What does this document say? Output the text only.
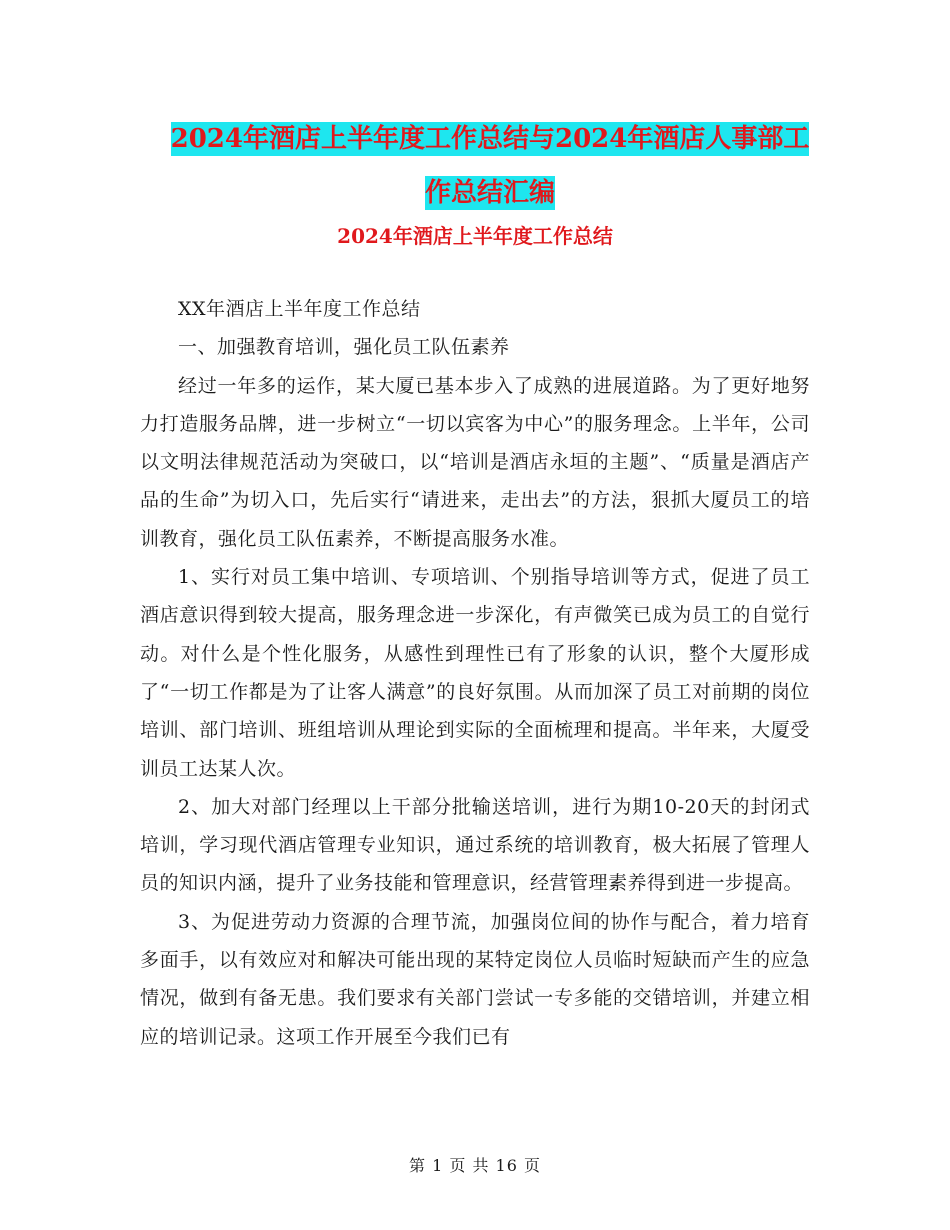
2024年酒店上半年度工作总结与2024年酒店人事部工
作总结汇编
2024年酒店上半年度工作总结

XX年酒店上半年度工作总结

一、加强教育培训，强化员工队伍素养

经过一年多的运作，某大厦已基本步入了成熟的进展道路。为了更好地努力打造服务品牌，进一步树立“一切以宾客为中心”的服务理念。上半年，公司以文明法律规范活动为突破口，以“培训是酒店永垣的主题”、“质量是酒店产品的生命”为切入口，先后实行“请进来，走出去”的方法，狠抓大厦员工的培训教育，强化员工队伍素养，不断提高服务水准。

1、实行对员工集中培训、专项培训、个别指导培训等方式，促进了员工酒店意识得到较大提高，服务理念进一步深化，有声微笑已成为员工的自觉行动。对什么是个性化服务，从感性到理性已有了形象的认识，整个大厦形成了“一切工作都是为了让客人满意”的良好氛围。从而加深了员工对前期的岗位培训、部门培训、班组培训从理论到实际的全面梳理和提高。半年来，大厦受训员工达某人次。

2、加大对部门经理以上干部分批输送培训，进行为期10-20天的封闭式培训，学习现代酒店管理专业知识，通过系统的培训教育，极大拓展了管理人员的知识内涵，提升了业务技能和管理意识，经营管理素养得到进一步提高。

3、为促进劳动力资源的合理节流，加强岗位间的协作与配合，着力培育多面手，以有效应对和解决可能出现的某特定岗位人员临时短缺而产生的应急情况，做到有备无患。我们要求有关部门尝试一专多能的交错培训，并建立相应的培训记录。这项工作开展至今我们已有

第 1 页 共 16 页
